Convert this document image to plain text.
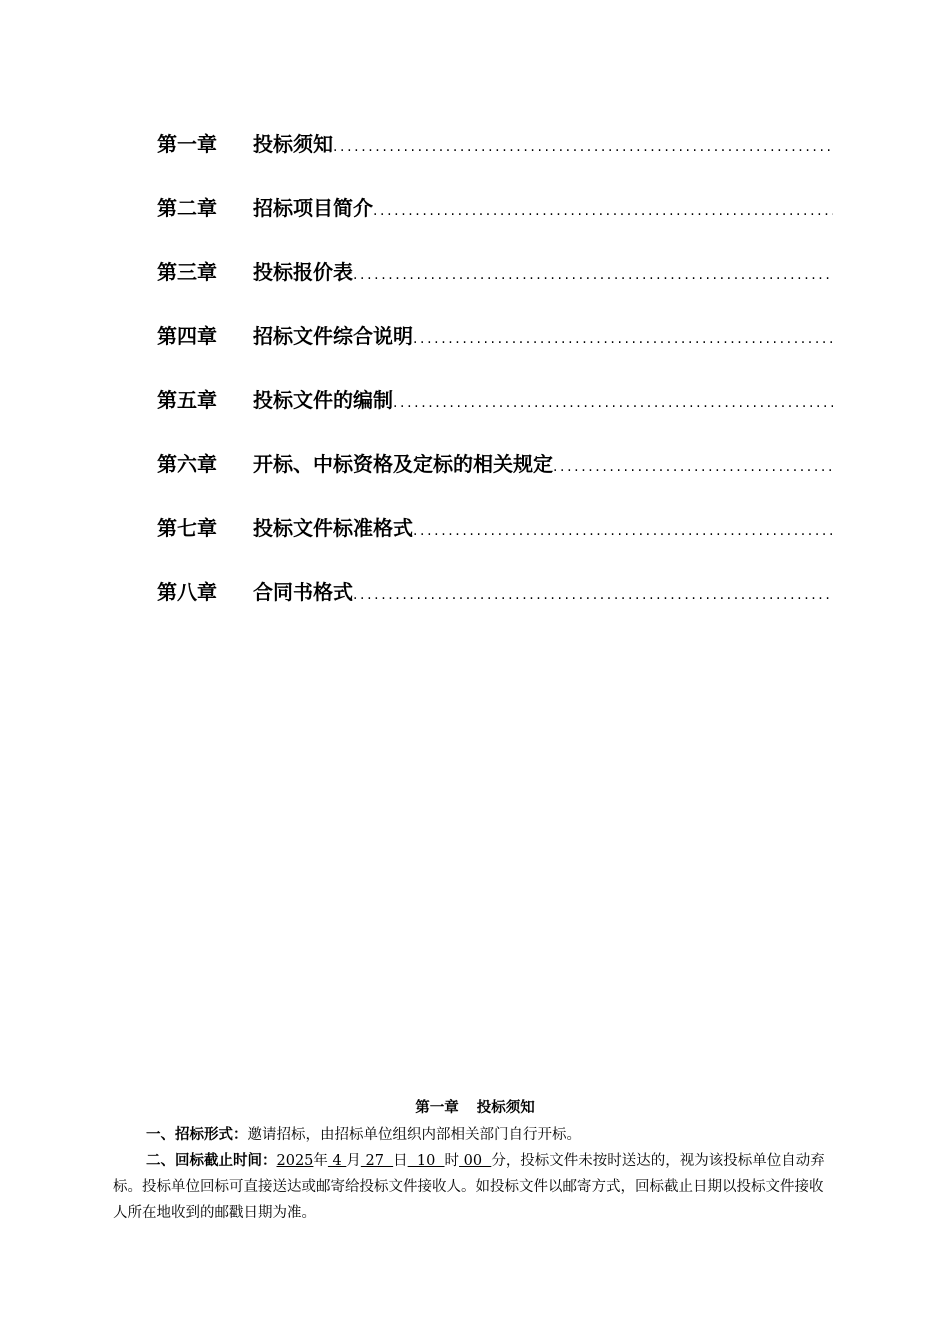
第一章	投标须知
.....
第二章	招标项目简介
.....
第三章	投标报价表
.....
第四章	招标文件综合说明
.....
第五章	投标文件的编制
.....
第六章	开标、中标资格及定标的相关规定
.....
第七章	投标文件标准格式
.....
第八章	合同书格式
.....
第一章 投标须知

一、招标形式：邀请招标，由招标单位组织内部相关部门自行开标。

二、回标截止时间：2025年 4 月 27  日  10  时 00  分，投标文件未按时送达的，视为该投标单位自动弃标。投标单位回标可直接送达或邮寄给投标文件接收人。如投标文件以邮寄方式，回标截止日期以投标文件接收人所在地收到的邮戳日期为准。
